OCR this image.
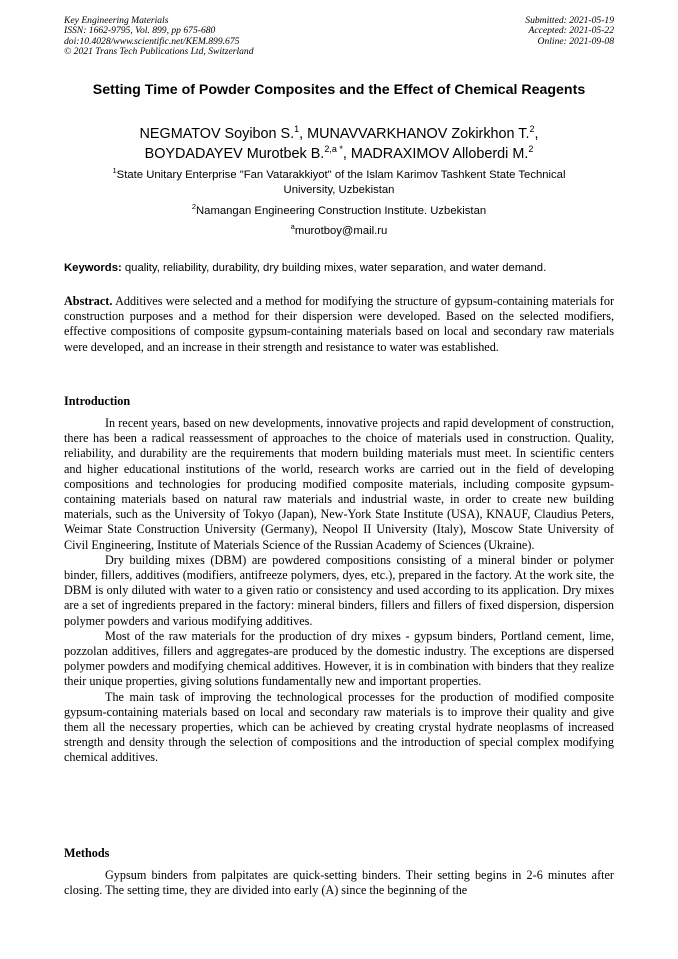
Key Engineering Materials
ISSN: 1662-9795, Vol. 899, pp 675-680
doi:10.4028/www.scientific.net/KEM.899.675
© 2021 Trans Tech Publications Ltd, Switzerland
Submitted: 2021-05-19
Accepted: 2021-05-22
Online: 2021-09-08
Setting Time of Powder Composites and the Effect of Chemical Reagents
NEGMATOV Soyibon S.$^1$, MUNAVVARKHANOV Zokirkhon T.$^2$,
BOYDADAYEV Murotbek B.$^{2,a *}$, MADRAXIMOV Alloberdi M.$^2$
$^1$State Unitary Enterprise "Fan Vatarakkiyot" of the Islam Karimov Tashkent State Technical University, Uzbekistan
$^2$Namangan Engineering Construction Institute. Uzbekistan
$^a$murotboy@mail.ru
Keywords: quality, reliability, durability, dry building mixes, water separation, and water demand.

Abstract. Additives were selected and a method for modifying the structure of gypsum-containing materials for construction purposes and a method for their dispersion were developed. Based on the selected modifiers, effective compositions of composite gypsum-containing materials based on local and secondary raw materials were developed, and an increase in their strength and resistance to water was established.

Introduction

In recent years, based on new developments, innovative projects and rapid development of construction, there has been a radical reassessment of approaches to the choice of materials used in construction. Quality, reliability, and durability are the requirements that modern building materials must meet. In scientific centers and higher educational institutions of the world, research works are carried out in the field of developing compositions and technologies for producing modified composite materials, including composite gypsum-containing materials based on natural raw materials and industrial waste, in order to create new building materials, such as the University of Tokyo (Japan), New-York State Institute (USA), KNAUF, Claudius Peters, Weimar State Construction University (Germany), Neopol II University (Italy), Moscow State University of Civil Engineering, Institute of Materials Science of the Russian Academy of Sciences (Ukraine).

Dry building mixes (DBM) are powdered compositions consisting of a mineral binder or polymer binder, fillers, additives (modifiers, antifreeze polymers, dyes, etc.), prepared in the factory. At the work site, the DBM is only diluted with water to a given ratio or consistency and used according to its application. Dry mixes are a set of ingredients prepared in the factory: mineral binders, fillers and fillers of fixed dispersion, dispersion polymer powders and various modifying additives.

Most of the raw materials for the production of dry mixes - gypsum binders, Portland cement, lime, pozzolan additives, fillers and aggregates-are produced by the domestic industry. The exceptions are dispersed polymer powders and modifying chemical additives. However, it is in combination with binders that they realize their unique properties, giving solutions fundamentally new and important properties.

The main task of improving the technological processes for the production of modified composite gypsum-containing materials based on local and secondary raw materials is to improve their quality and give them all the necessary properties, which can be achieved by creating crystal hydrate neoplasms of increased strength and density through the selection of compositions and the introduction of special complex modifying chemical additives.

Methods

Gypsum binders from palpitates are quick-setting binders. Their setting begins in 2-6 minutes after closing. The setting time, they are divided into early (A) since the beginning of the
